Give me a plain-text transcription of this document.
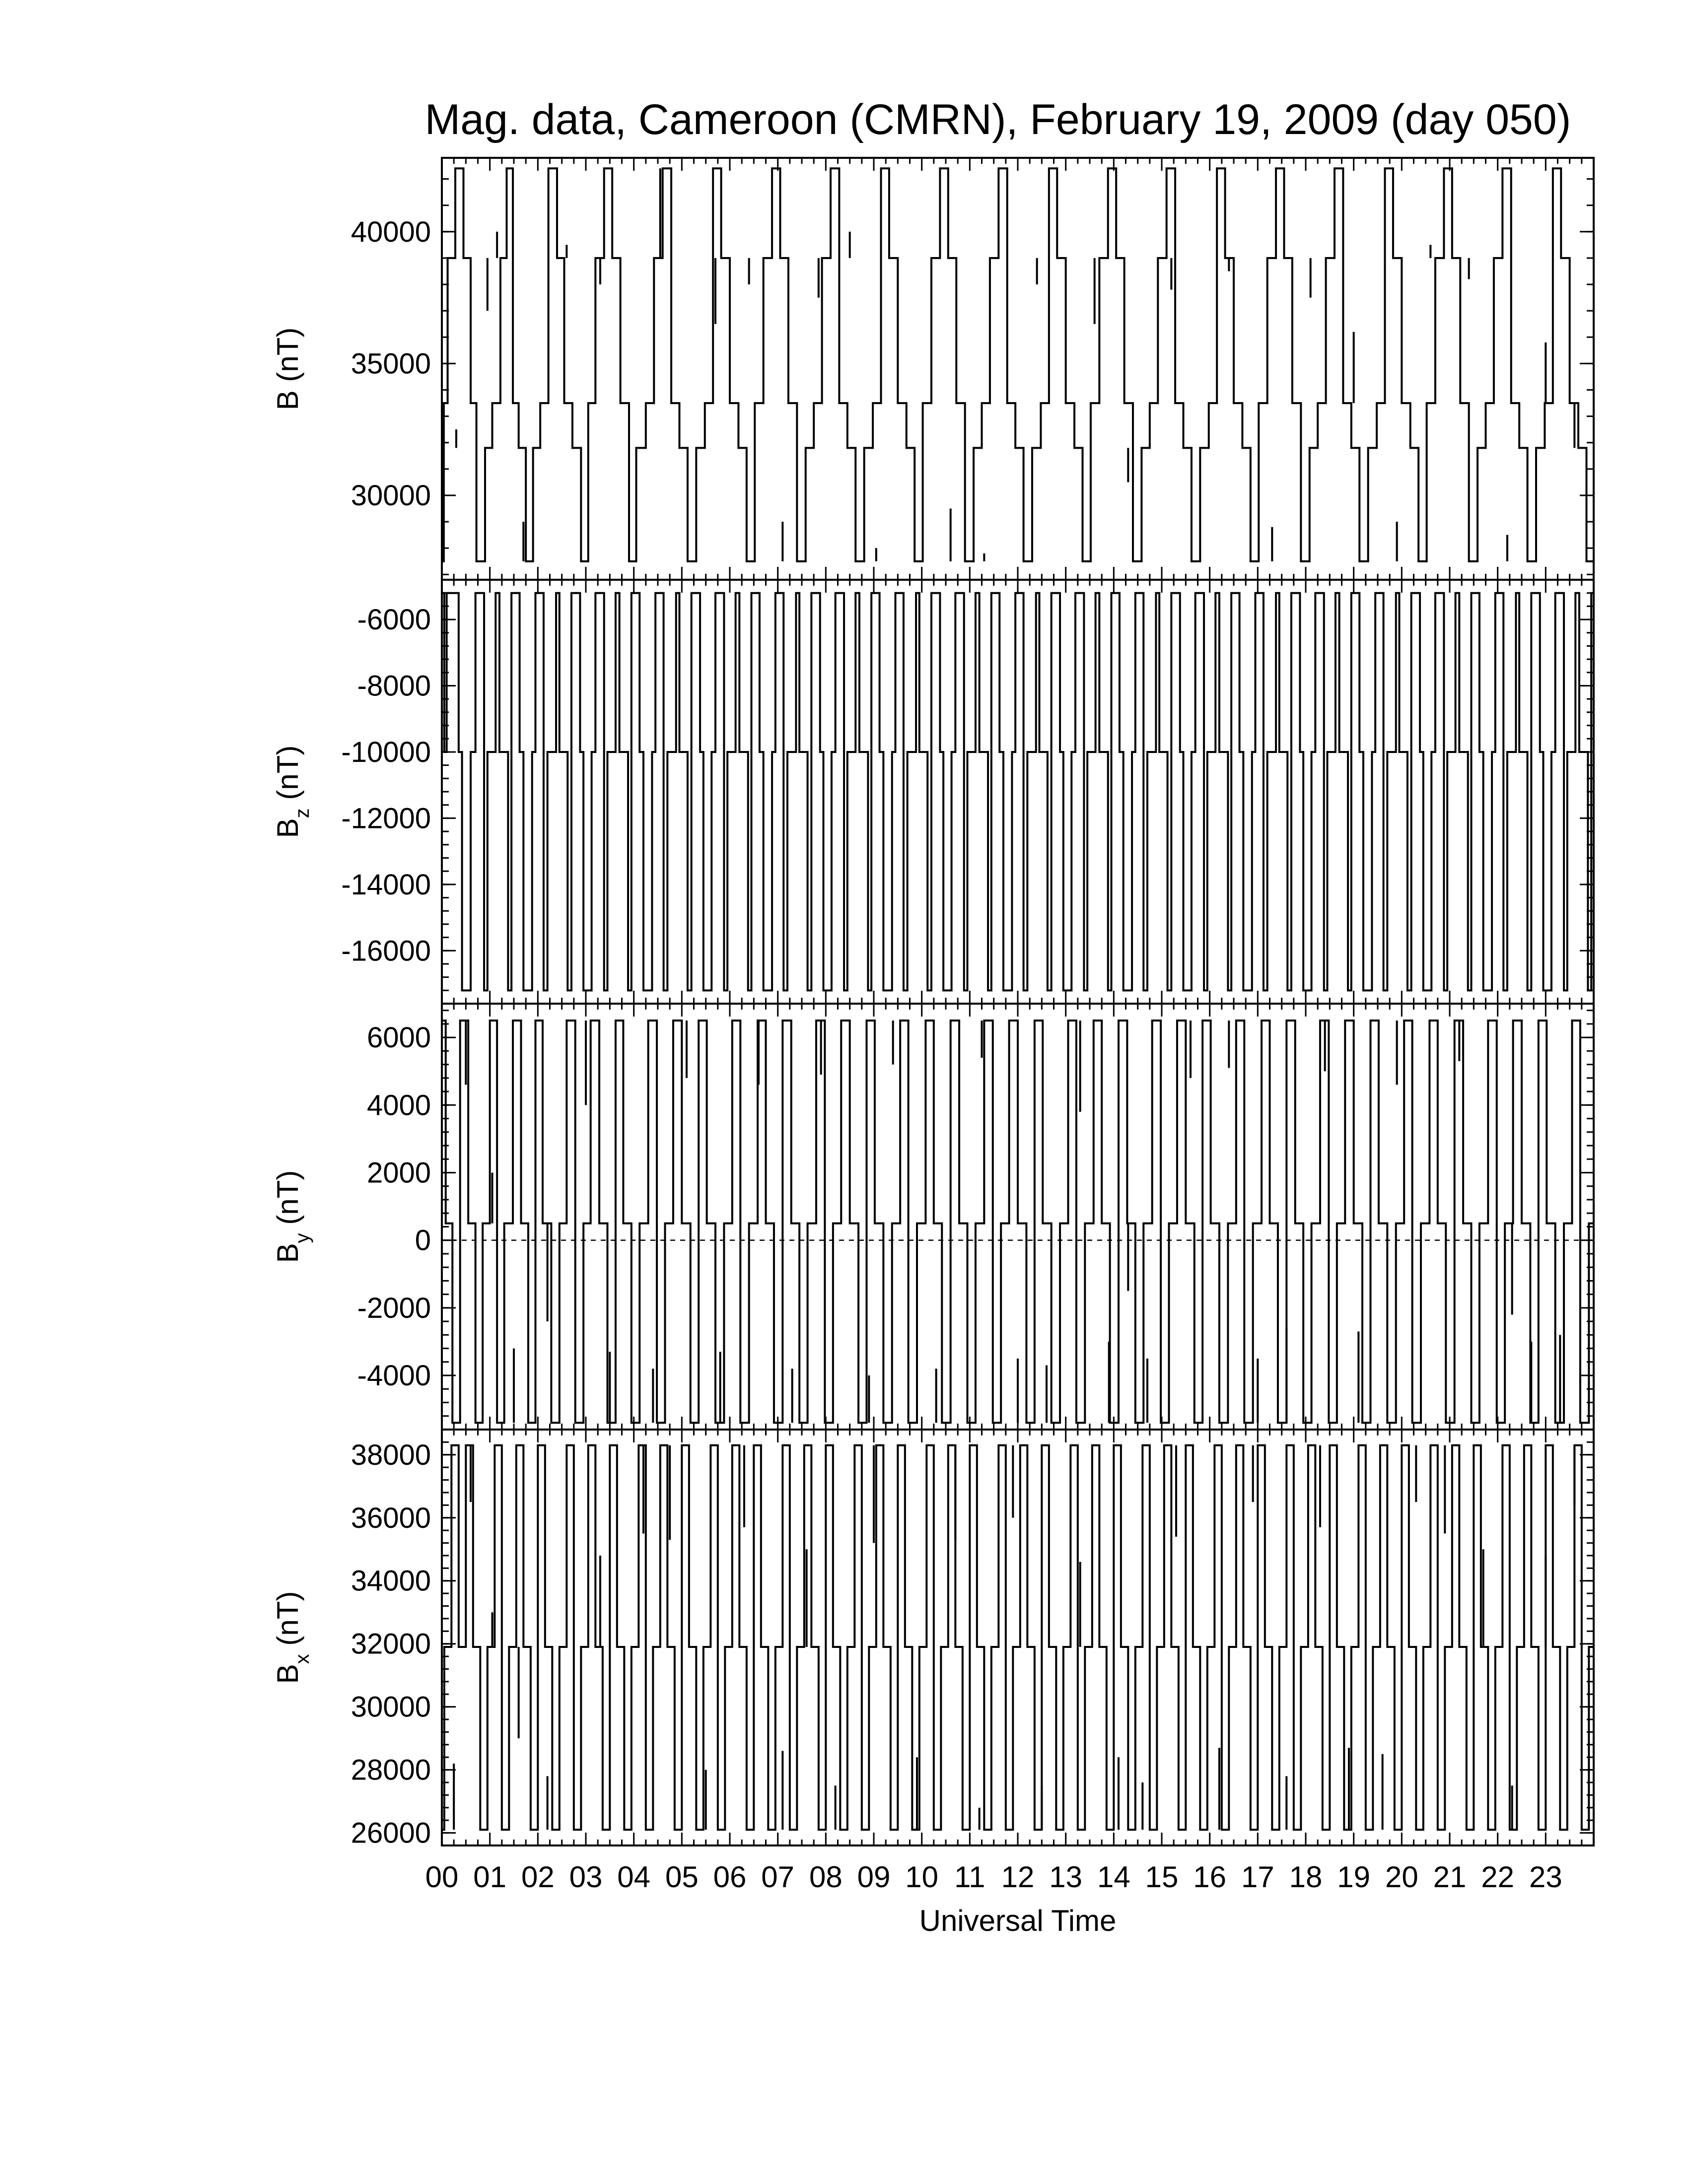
Mag. data, Cameroon (CMRN), February 19, 2009 (day 050)
30000
35000
40000
B (nT)
-16000
-14000
-12000
-10000
-8000
-6000
$B_z$ (nT)
-4000
-2000
0
2000
4000
6000
$B_y$ (nT)
26000
28000
30000
32000
34000
36000
38000
$B_x$ (nT)
00 01 02 03 04 05 06 07 08 09 10 11 12 13 14 15 16 17 18 19 20 21 22 23
Universal Time
